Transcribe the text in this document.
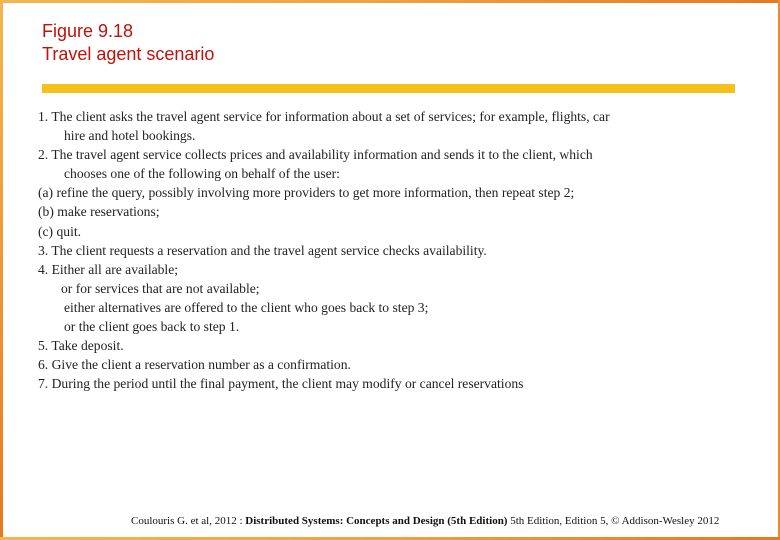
Figure 9.18
Travel agent scenario
1. The client asks the travel agent service for information about a set of services; for example, flights, car
hire and hotel bookings.
2. The travel agent service collects prices and availability information and sends it to the client, which
chooses one of the following on behalf of the user:
(a) refine the query, possibly involving more providers to get more information, then repeat step 2;
(b) make reservations;
(c) quit.
3. The client requests a reservation and the travel agent service checks availability.
4. Either all are available;
or for services that are not available;
either alternatives are offered to the client who goes back to step 3;
or the client goes back to step 1.
5. Take deposit.
6. Give the client a reservation number as a confirmation.
7. During the period until the final payment, the client may modify or cancel reservations
Coulouris G. et al, 2012 : Distributed Systems: Concepts and Design (5th Edition) 5th Edition, Edition 5, © Addison-Wesley 2012
